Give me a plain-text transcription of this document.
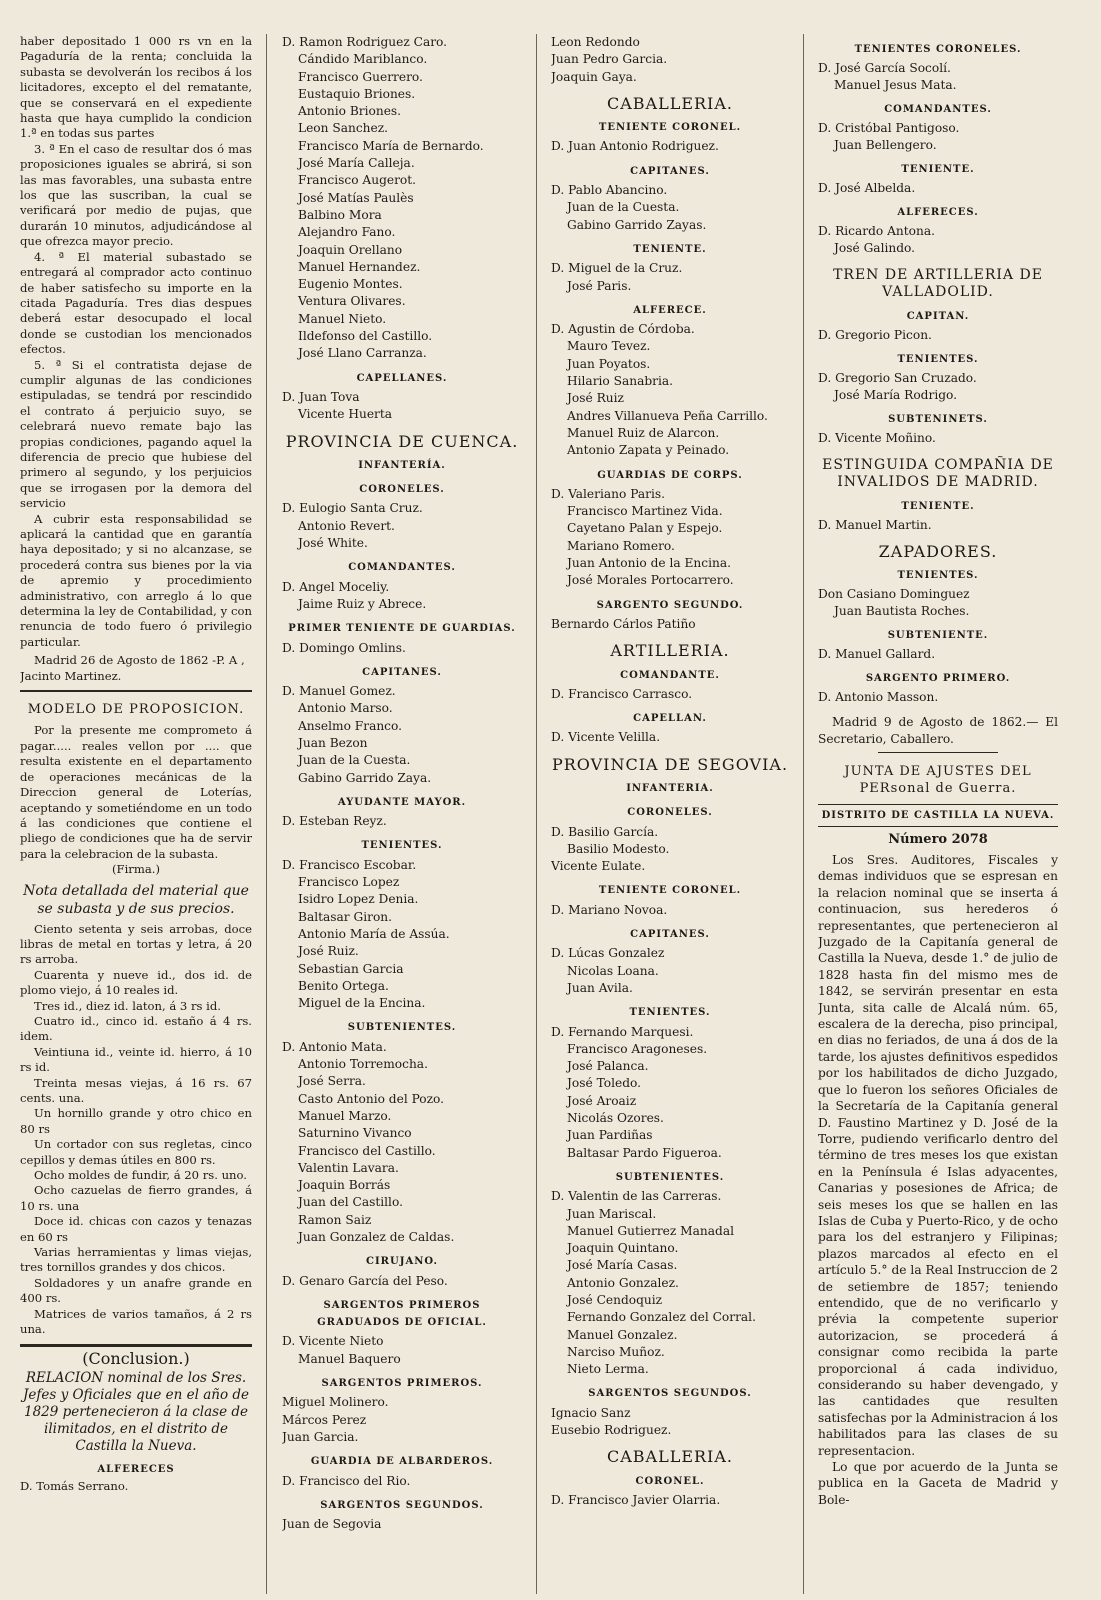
haber depositado 1 000 rs vn en la Pagaduría de la renta; concluida la subasta se devolverán los recibos á los licitadores, excepto el del rematante, que se conservará en el expediente hasta que haya cumplido la condicion 1.ª en todas sus partes

3. ª En el caso de resultar dos ó mas proposiciones iguales se abrirá, si son las mas favorables, una subasta entre los que las suscriban, la cual se verificará por medio de pujas, que durarán 10 minutos, adjudicándose al que ofrezca mayor precio.

4. ª El material subastado se entregará al comprador acto continuo de haber satisfecho su importe en la citada Pagaduría. Tres dias despues deberá estar desocupado el local donde se custodian los mencionados efectos.

5. ª Si el contratista dejase de cumplir algunas de las condiciones estipuladas, se tendrá por rescindido el contrato á perjuicio suyo, se celebrará nuevo remate bajo las propias condiciones, pagando aquel la diferencia de precio que hubiese del primero al segundo, y los perjuicios que se irrogasen por la demora del servicio

A cubrir esta responsabilidad se aplicará la cantidad que en garantía haya depositado; y si no alcanzase, se procederá contra sus bienes por la via de apremio y procedimiento administrativo, con arreglo á lo que determina la ley de Contabilidad, y con renuncia de todo fuero ó privilegio particular.

Madrid 26 de Agosto de 1862 -P. A , Jacinto Martinez.

MODELO DE PROPOSICION.

Por la presente me comprometo á pagar..... reales vellon por .... que resulta existente en el departamento de operaciones mecánicas de la Direccion general de Loterías, aceptando y sometiéndome en un todo á las condiciones que contiene el pliego de condiciones que ha de servir para la celebracion de la subasta.

(Firma.)
Nota detallada del material que se subasta y de sus precios.

Ciento setenta y seis arrobas, doce libras de metal en tortas y letra, á 20 rs arroba.

Cuarenta y nueve id., dos id. de plomo viejo, á 10 reales id.

Tres id., diez id. laton, á 3 rs id.

Cuatro id., cinco id. estaño á 4 rs. idem.

Veintiuna id., veinte id. hierro, á 10 rs id.

Treinta mesas viejas, á 16 rs. 67 cents. una.

Un hornillo grande y otro chico en 80 rs

Un cortador con sus regletas, cinco cepillos y demas útiles en 800 rs.

Ocho moldes de fundir, á 20 rs. uno.

Ocho cazuelas de fierro grandes, á 10 rs. una

Doce id. chicas con cazos y tenazas en 60 rs

Varias herramientas y limas viejas, tres tornillos grandes y dos chicos.

Soldadores y un anafre grande en 400 rs.

Matrices de varios tamaños, á 2 rs una.

(Conclusion.)
RELACION nominal de los Sres. Jefes y Oficiales que en el año de 1829 pertenecieron á la clase de ilimitados, en el distrito de Castilla la Nueva.
ALFERECES
D. Tomás Serrano.
D. Ramon Rodriguez Caro.
Cándido Mariblanco.
Francisco Guerrero.
Eustaquio Briones.
Antonio Briones.
Leon Sanchez.
Francisco María de Bernardo.
José María Calleja.
Francisco Augerot.
José Matías Paulès
Balbino Mora
Alejandro Fano.
Joaquin Orellano
Manuel Hernandez.
Eugenio Montes.
Ventura Olivares.
Manuel Nieto.
Ildefonso del Castillo.
José Llano Carranza.
CAPELLANES.
D. Juan Tova
Vicente Huerta
PROVINCIA DE CUENCA.
INFANTERÍA.
CORONELES.
D. Eulogio Santa Cruz.
Antonio Revert.
José White.
COMANDANTES.
D. Angel Moceliy.
Jaime Ruiz y Abrece.
PRIMER TENIENTE DE GUARDIAS.
D. Domingo Omlins.
CAPITANES.
D. Manuel Gomez.
Antonio Marso.
Anselmo Franco.
Juan Bezon
Juan de la Cuesta.
Gabino Garrido Zaya.
AYUDANTE MAYOR.
D. Esteban Reyz.
TENIENTES.
D. Francisco Escobar.
Francisco Lopez
Isidro Lopez Denia.
Baltasar Giron.
Antonio María de Assúa.
José Ruiz.
Sebastian Garcia
Benito Ortega.
Miguel de la Encina.
SUBTENIENTES.
D. Antonio Mata.
Antonio Torremocha.
José Serra.
Casto Antonio del Pozo.
Manuel Marzo.
Saturnino Vivanco
Francisco del Castillo.
Valentin Lavara.
Joaquin Borrás
Juan del Castillo.
Ramon Saiz
Juan Gonzalez de Caldas.
CIRUJANO.
D. Genaro García del Peso.
SARGENTOS PRIMEROS GRADUADOS DE OFICIAL.
D. Vicente Nieto
Manuel Baquero
SARGENTOS PRIMEROS.
Miguel Molinero.
Márcos Perez
Juan Garcia.
GUARDIA DE ALBARDEROS.
D. Francisco del Rio.
SARGENTOS SEGUNDOS.
Juan de Segovia
Leon Redondo
Juan Pedro Garcia.
Joaquin Gaya.
CABALLERIA.
TENIENTE CORONEL.
D. Juan Antonio Rodriguez.
CAPITANES.
D. Pablo Abancino.
Juan de la Cuesta.
Gabino Garrido Zayas.
TENIENTE.
D. Miguel de la Cruz.
José Paris.
ALFERECE.
D. Agustin de Córdoba.
Mauro Tevez.
Juan Poyatos.
Hilario Sanabria.
José Ruiz
Andres Villanueva Peña Carrillo.
Manuel Ruiz de Alarcon.
Antonio Zapata y Peinado.
GUARDIAS DE CORPS.
D. Valeriano Paris.
Francisco Martinez Vida.
Cayetano Palan y Espejo.
Mariano Romero.
Juan Antonio de la Encina.
José Morales Portocarrero.
SARGENTO SEGUNDO.
Bernardo Cárlos Patiño
ARTILLERIA.
COMANDANTE.
D. Francisco Carrasco.
CAPELLAN.
D. Vicente Velilla.
PROVINCIA DE SEGOVIA.
INFANTERIA.
CORONELES.
D. Basilio García.
Basilio Modesto.
Vicente Eulate.
TENIENTE CORONEL.
D. Mariano Novoa.
CAPITANES.
D. Lúcas Gonzalez
Nicolas Loana.
Juan Avila.
TENIENTES.
D. Fernando Marquesi.
Francisco Aragoneses.
José Palanca.
José Toledo.
José Aroaiz
Nicolás Ozores.
Juan Pardiñas
Baltasar Pardo Figueroa.
SUBTENIENTES.
D. Valentin de las Carreras.
Juan Mariscal.
Manuel Gutierrez Manadal
Joaquin Quintano.
José María Casas.
Antonio Gonzalez.
José Cendoquiz
Fernando Gonzalez del Corral.
Manuel Gonzalez.
Narciso Muñoz.
Nieto Lerma.
SARGENTOS SEGUNDOS.
Ignacio Sanz
Eusebio Rodriguez.
CABALLERIA.
CORONEL.
D. Francisco Javier Olarria.
TENIENTES CORONELES.
D. José García Socolí.
Manuel Jesus Mata.
COMANDANTES.
D. Cristóbal Pantigoso.
Juan Bellengero.
TENIENTE.
D. José Albelda.
ALFERECES.
D. Ricardo Antona.
José Galindo.
TREN DE ARTILLERIA DE VALLADOLID.
CAPITAN.
D. Gregorio Picon.
TENIENTES.
D. Gregorio San Cruzado.
José María Rodrigo.
SUBTENINETS.
D. Vicente Moñino.
ESTINGUIDA COMPAÑIA DE INVALIDOS DE MADRID.
TENIENTE.
D. Manuel Martin.
ZAPADORES.
TENIENTES.
Don Casiano Dominguez
Juan Bautista Roches.
SUBTENIENTE.
D. Manuel Gallard.
SARGENTO PRIMERO.
D. Antonio Masson.

Madrid 9 de Agosto de 1862.— El Secretario, Caballero.

JUNTA DE AJUSTES DEL PERsonal de Guerra.
DISTRITO DE CASTILLA LA NUEVA.
Número 2078

Los Sres. Auditores, Fiscales y demas individuos que se espresan en la relacion nominal que se inserta á continuacion, sus herederos ó representantes, que pertenecieron al Juzgado de la Capitanía general de Castilla la Nueva, desde 1.° de julio de 1828 hasta fin del mismo mes de 1842, se servirán presentar en esta Junta, sita calle de Alcalá núm. 65, escalera de la derecha, piso principal, en dias no feriados, de una á dos de la tarde, los ajustes definitivos espedidos por los habilitados de dicho Juzgado, que lo fueron los señores Oficiales de la Secretaría de la Capitanía general D. Faustino Martinez y D. José de la Torre, pudiendo verificarlo dentro del término de tres meses los que existan en la Península é Islas adyacentes, Canarias y posesiones de Africa; de seis meses los que se hallen en las Islas de Cuba y Puerto-Rico, y de ocho para los del estranjero y Filipinas; plazos marcados al efecto en el artículo 5.° de la Real Instruccion de 2 de setiembre de 1857; teniendo entendido, que de no verificarlo y prévia la competente superior autorizacion, se procederá á consignar como recibida la parte proporcional á cada individuo, considerando su haber devengado, y las cantidades que resulten satisfechas por la Administracion á los habilitados para las clases de su representacion.

Lo que por acuerdo de la Junta se publica en la Gaceta de Madrid y Bole-
